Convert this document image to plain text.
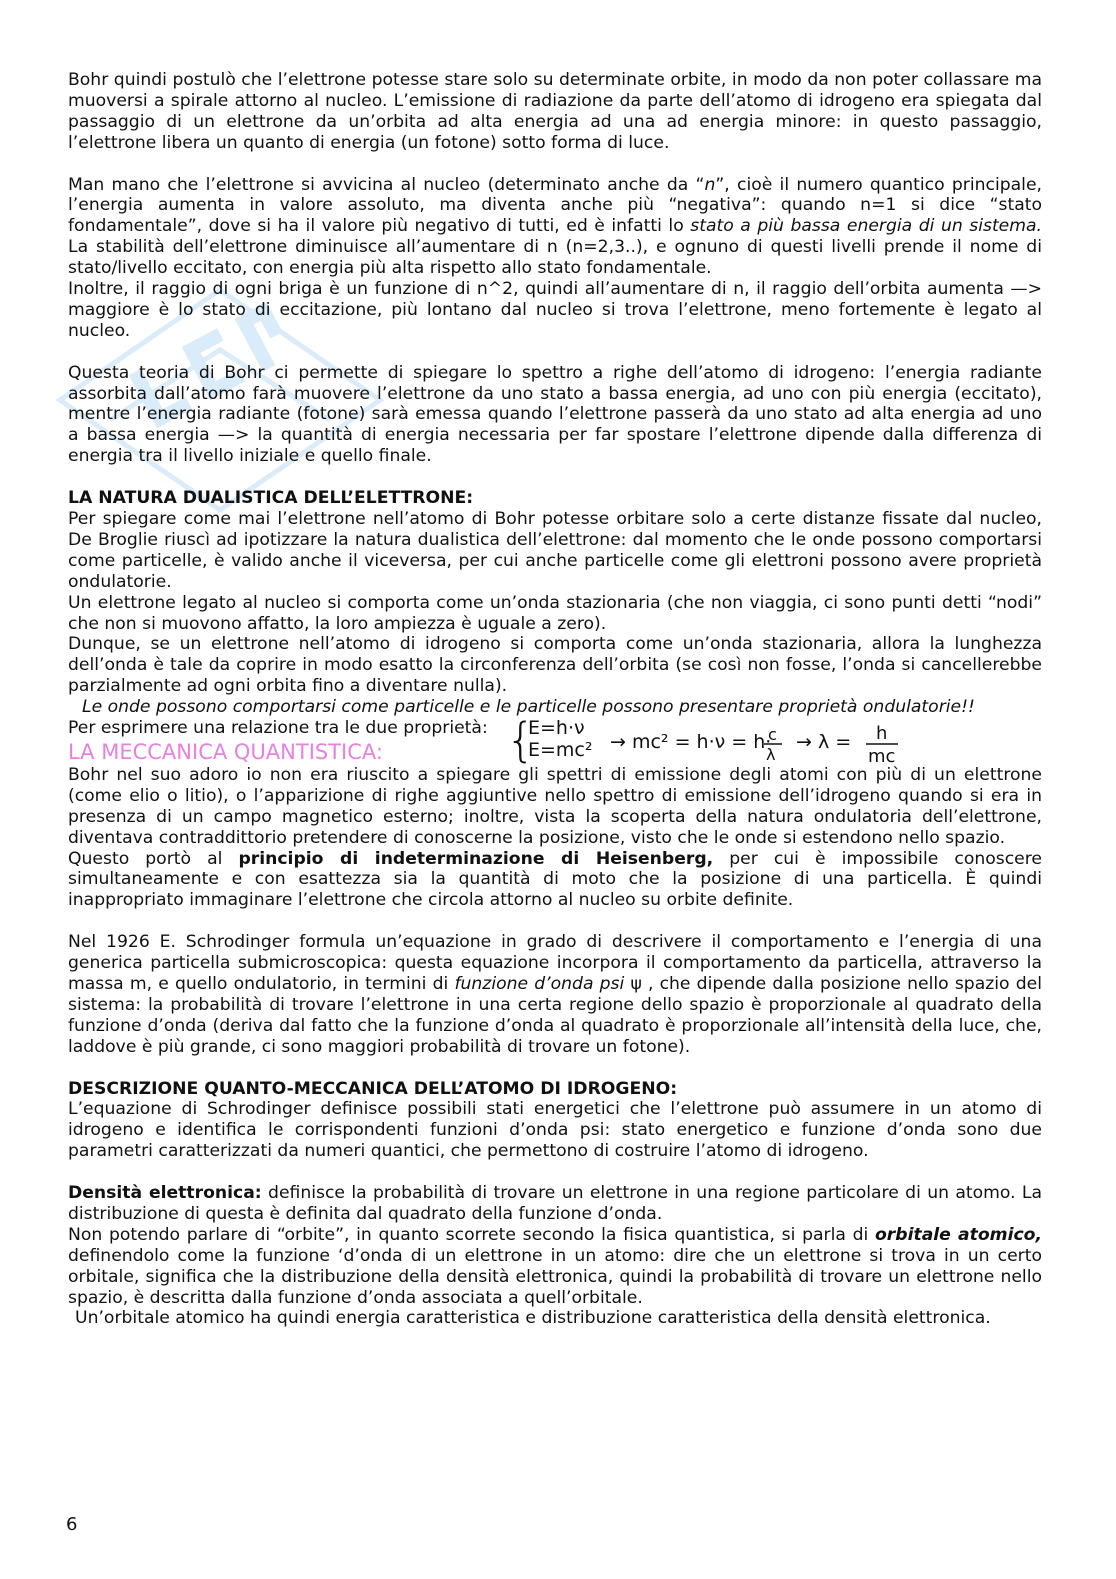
Bohr quindi postulò che l’elettrone potesse stare solo su determinate orbite, in modo da non poter collassare ma muoversi a spirale attorno al nucleo. L’emissione di radiazione da parte dell’atomo di idrogeno era spiegata dal passaggio di un elettrone da un’orbita ad alta energia ad una ad energia minore: in questo passaggio, l’elettrone libera un quanto di energia (un fotone) sotto forma di luce.

Man mano che l’elettrone si avvicina al nucleo (determinato anche da “n”, cioè il numero quantico principale, l’energia aumenta in valore assoluto, ma diventa anche più “negativa”: quando n=1 si dice “stato fondamentale”, dove si ha il valore più negativo di tutti, ed è infatti lo stato a più bassa energia di un sistema. La stabilità dell’elettrone diminuisce all’aumentare di n (n=2,3..), e ognuno di questi livelli prende il nome di stato/livello eccitato, con energia più alta rispetto allo stato fondamentale.

Inoltre, il raggio di ogni briga è un funzione di n^2, quindi all’aumentare di n, il raggio dell’orbita aumenta —> maggiore è lo stato di eccitazione, più lontano dal nucleo si trova l’elettrone, meno fortemente è legato al nucleo.

Questa teoria di Bohr ci permette di spiegare lo spettro a righe dell’atomo di idrogeno: l’energia radiante assorbita dall’atomo farà muovere l’elettrone da uno stato a bassa energia, ad uno con più energia (eccitato), mentre l’energia radiante (fotone) sarà emessa quando l’elettrone passerà da uno stato ad alta energia ad uno a bassa energia —> la quantità di energia necessaria per far spostare l’elettrone dipende dalla differenza di energia tra il livello iniziale e quello finale.

LA NATURA DUALISTICA DELL’ELETTRONE:

Per spiegare come mai l’elettrone nell’atomo di Bohr potesse orbitare solo a certe distanze fissate dal nucleo, De Broglie riuscì ad ipotizzare la natura dualistica dell’elettrone: dal momento che le onde possono comportarsi come particelle, è valido anche il viceversa, per cui anche particelle come gli elettroni possono avere proprietà ondulatorie.

Un elettrone legato al nucleo si comporta come un’onda stazionaria (che non viaggia, ci sono punti detti “nodi” che non si muovono affatto, la loro ampiezza è uguale a zero).

Dunque, se un elettrone nell’atomo di idrogeno si comporta come un’onda stazionaria, allora la lunghezza dell’onda è tale da coprire in modo esatto la circonferenza dell’orbita (se così non fosse, l’onda si cancellerebbe parzialmente ad ogni orbita fino a diventare nulla).

Le onde possono comportarsi come particelle e le particelle possono presentare proprietà ondulatorie!!

Per esprimere una relazione tra le due proprietà: {
E=h·ν
E=mc² → mc² = h·ν = h·
c
λ
→ λ = h
mc

LA MECCANICA QUANTISTICA:

Bohr nel suo adoro io non era riuscito a spiegare gli spettri di emissione degli atomi con più di un elettrone (come elio o litio), o l’apparizione di righe aggiuntive nello spettro di emissione dell’idrogeno quando si era in presenza di un campo magnetico esterno; inoltre, vista la scoperta della natura ondulatoria dell’elettrone, diventava contraddittorio pretendere di conoscerne la posizione, visto che le onde si estendono nello spazio.

Questo portò al principio di indeterminazione di Heisenberg, per cui è impossibile conoscere simultaneamente e con esattezza sia la quantità di moto che la posizione di una particella. È quindi inappropriato immaginare l’elettrone che circola attorno al nucleo su orbite definite.

Nel 1926 E. Schrodinger formula un’equazione in grado di descrivere il comportamento e l’energia di una generica particella submicroscopica: questa equazione incorpora il comportamento da particella, attraverso la massa m, e quello ondulatorio, in termini di funzione d’onda psi ψ , che dipende dalla posizione nello spazio del sistema: la probabilità di trovare l’elettrone in una certa regione dello spazio è proporzionale al quadrato della funzione d’onda (deriva dal fatto che la funzione d’onda al quadrato è proporzionale all’intensità della luce, che, laddove è più grande, ci sono maggiori probabilità di trovare un fotone).

DESCRIZIONE QUANTO-MECCANICA DELL’ATOMO DI IDROGENO:

L’equazione di Schrodinger definisce possibili stati energetici che l’elettrone può assumere in un atomo di idrogeno e identifica le corrispondenti funzioni d’onda psi: stato energetico e funzione d’onda sono due parametri caratterizzati da numeri quantici, che permettono di costruire l’atomo di idrogeno.

Densità elettronica: definisce la probabilità di trovare un elettrone in una regione particolare di un atomo. La distribuzione di questa è definita dal quadrato della funzione d’onda.

Non potendo parlare di “orbite”, in quanto scorrete secondo la fisica quantistica, si parla di orbitale atomico, definendolo come la funzione ‘d’onda di un elettrone in un atomo: dire che un elettrone si trova in un certo orbitale, significa che la distribuzione della densità elettronica, quindi la probabilità di trovare un elettrone nello spazio, è descritta dalla funzione d’onda associata a quell’orbitale.

Un’orbitale atomico ha quindi energia caratteristica e distribuzione caratteristica della densità elettronica.

6
